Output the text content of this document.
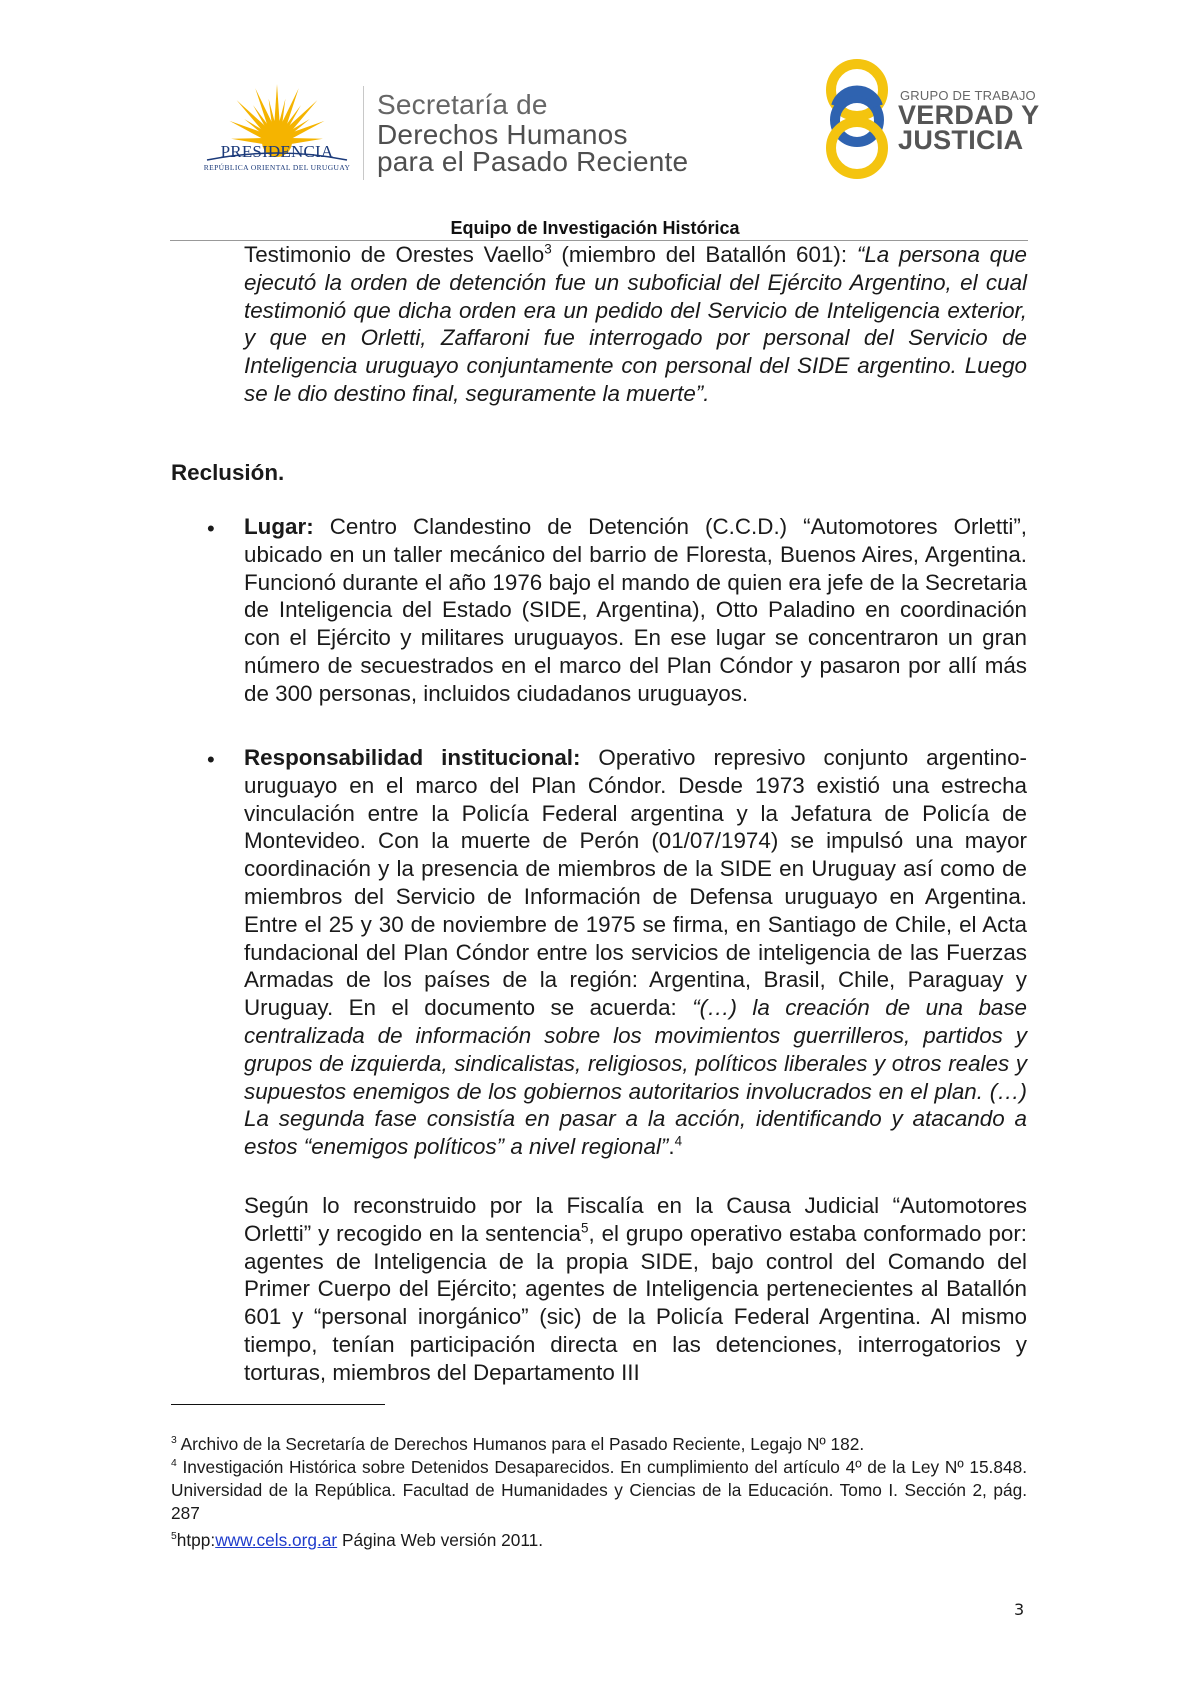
PRESIDENCIA
REPÚBLICA ORIENTAL DEL URUGUAY
Secretaría de
Derechos Humanos
para el Pasado Reciente
GRUPO DE TRABAJO
VERDAD Y
JUSTICIA
Equipo de Investigación Histórica

Testimonio de Orestes Vaello$^3$ (miembro del Batallón 601): “La persona que ejecutó la orden de detención fue un suboficial del Ejército Argentino, el cual testimonió que dicha orden era un pedido del Servicio de Inteligencia exterior, y que en Orletti, Zaffaroni fue interrogado por personal del Servicio de Inteligencia uruguayo conjuntamente con personal del SIDE argentino. Luego se le dio destino final, seguramente la muerte”.

Reclusión.
• Lugar: Centro Clandestino de Detención (C.C.D.) “Automotores Orletti”, ubicado en un taller mecánico del barrio de Floresta, Buenos Aires, Argentina. Funcionó durante el año 1976 bajo el mando de quien era jefe de la Secretaria de Inteligencia del Estado (SIDE, Argentina), Otto Paladino en coordinación con el Ejército y militares uruguayos. En ese lugar se concentraron un gran número de secuestrados en el marco del Plan Cóndor y pasaron por allí más de 300 personas, incluidos ciudadanos uruguayos.

• Responsabilidad institucional: Operativo represivo conjunto argentino-uruguayo en el marco del Plan Cóndor. Desde 1973 existió una estrecha vinculación entre la Policía Federal argentina y la Jefatura de Policía de Montevideo. Con la muerte de Perón (01/07/1974) se impulsó una mayor coordinación y la presencia de miembros de la SIDE en Uruguay así como de miembros del Servicio de Información de Defensa uruguayo en Argentina. Entre el 25 y 30 de noviembre de 1975 se firma, en Santiago de Chile, el Acta fundacional del Plan Cóndor entre los servicios de inteligencia de las Fuerzas Armadas de los países de la región: Argentina, Brasil, Chile, Paraguay y Uruguay. En el documento se acuerda: “(…) la creación de una base centralizada de información sobre los movimientos guerrilleros, partidos y grupos de izquierda, sindicalistas, religiosos, políticos liberales y otros reales y supuestos enemigos de los gobiernos autoritarios involucrados en el plan. (…) La segunda fase consistía en pasar a la acción, identificando y atacando a estos “enemigos políticos” a nivel regional”.$^4$

Según lo reconstruido por la Fiscalía en la Causa Judicial “Automotores Orletti” y recogido en la sentencia$^5$, el grupo operativo estaba conformado por: agentes de Inteligencia de la propia SIDE, bajo control del Comando del Primer Cuerpo del Ejército; agentes de Inteligencia pertenecientes al Batallón 601 y “personal inorgánico” (sic) de la Policía Federal Argentina. Al mismo tiempo, tenían participación directa en las detenciones, interrogatorios y torturas, miembros del Departamento III

$^3$ Archivo de la Secretaría de Derechos Humanos para el Pasado Reciente, Legajo Nº 182.

$^4$ Investigación Histórica sobre Detenidos Desaparecidos. En cumplimiento del artículo 4º de la Ley Nº 15.848. Universidad de la República. Facultad de Humanidades y Ciencias de la Educación. Tomo I. Sección 2, pág. 287

$^5$htpp:www.cels.org.ar Página Web versión 2011.

3
